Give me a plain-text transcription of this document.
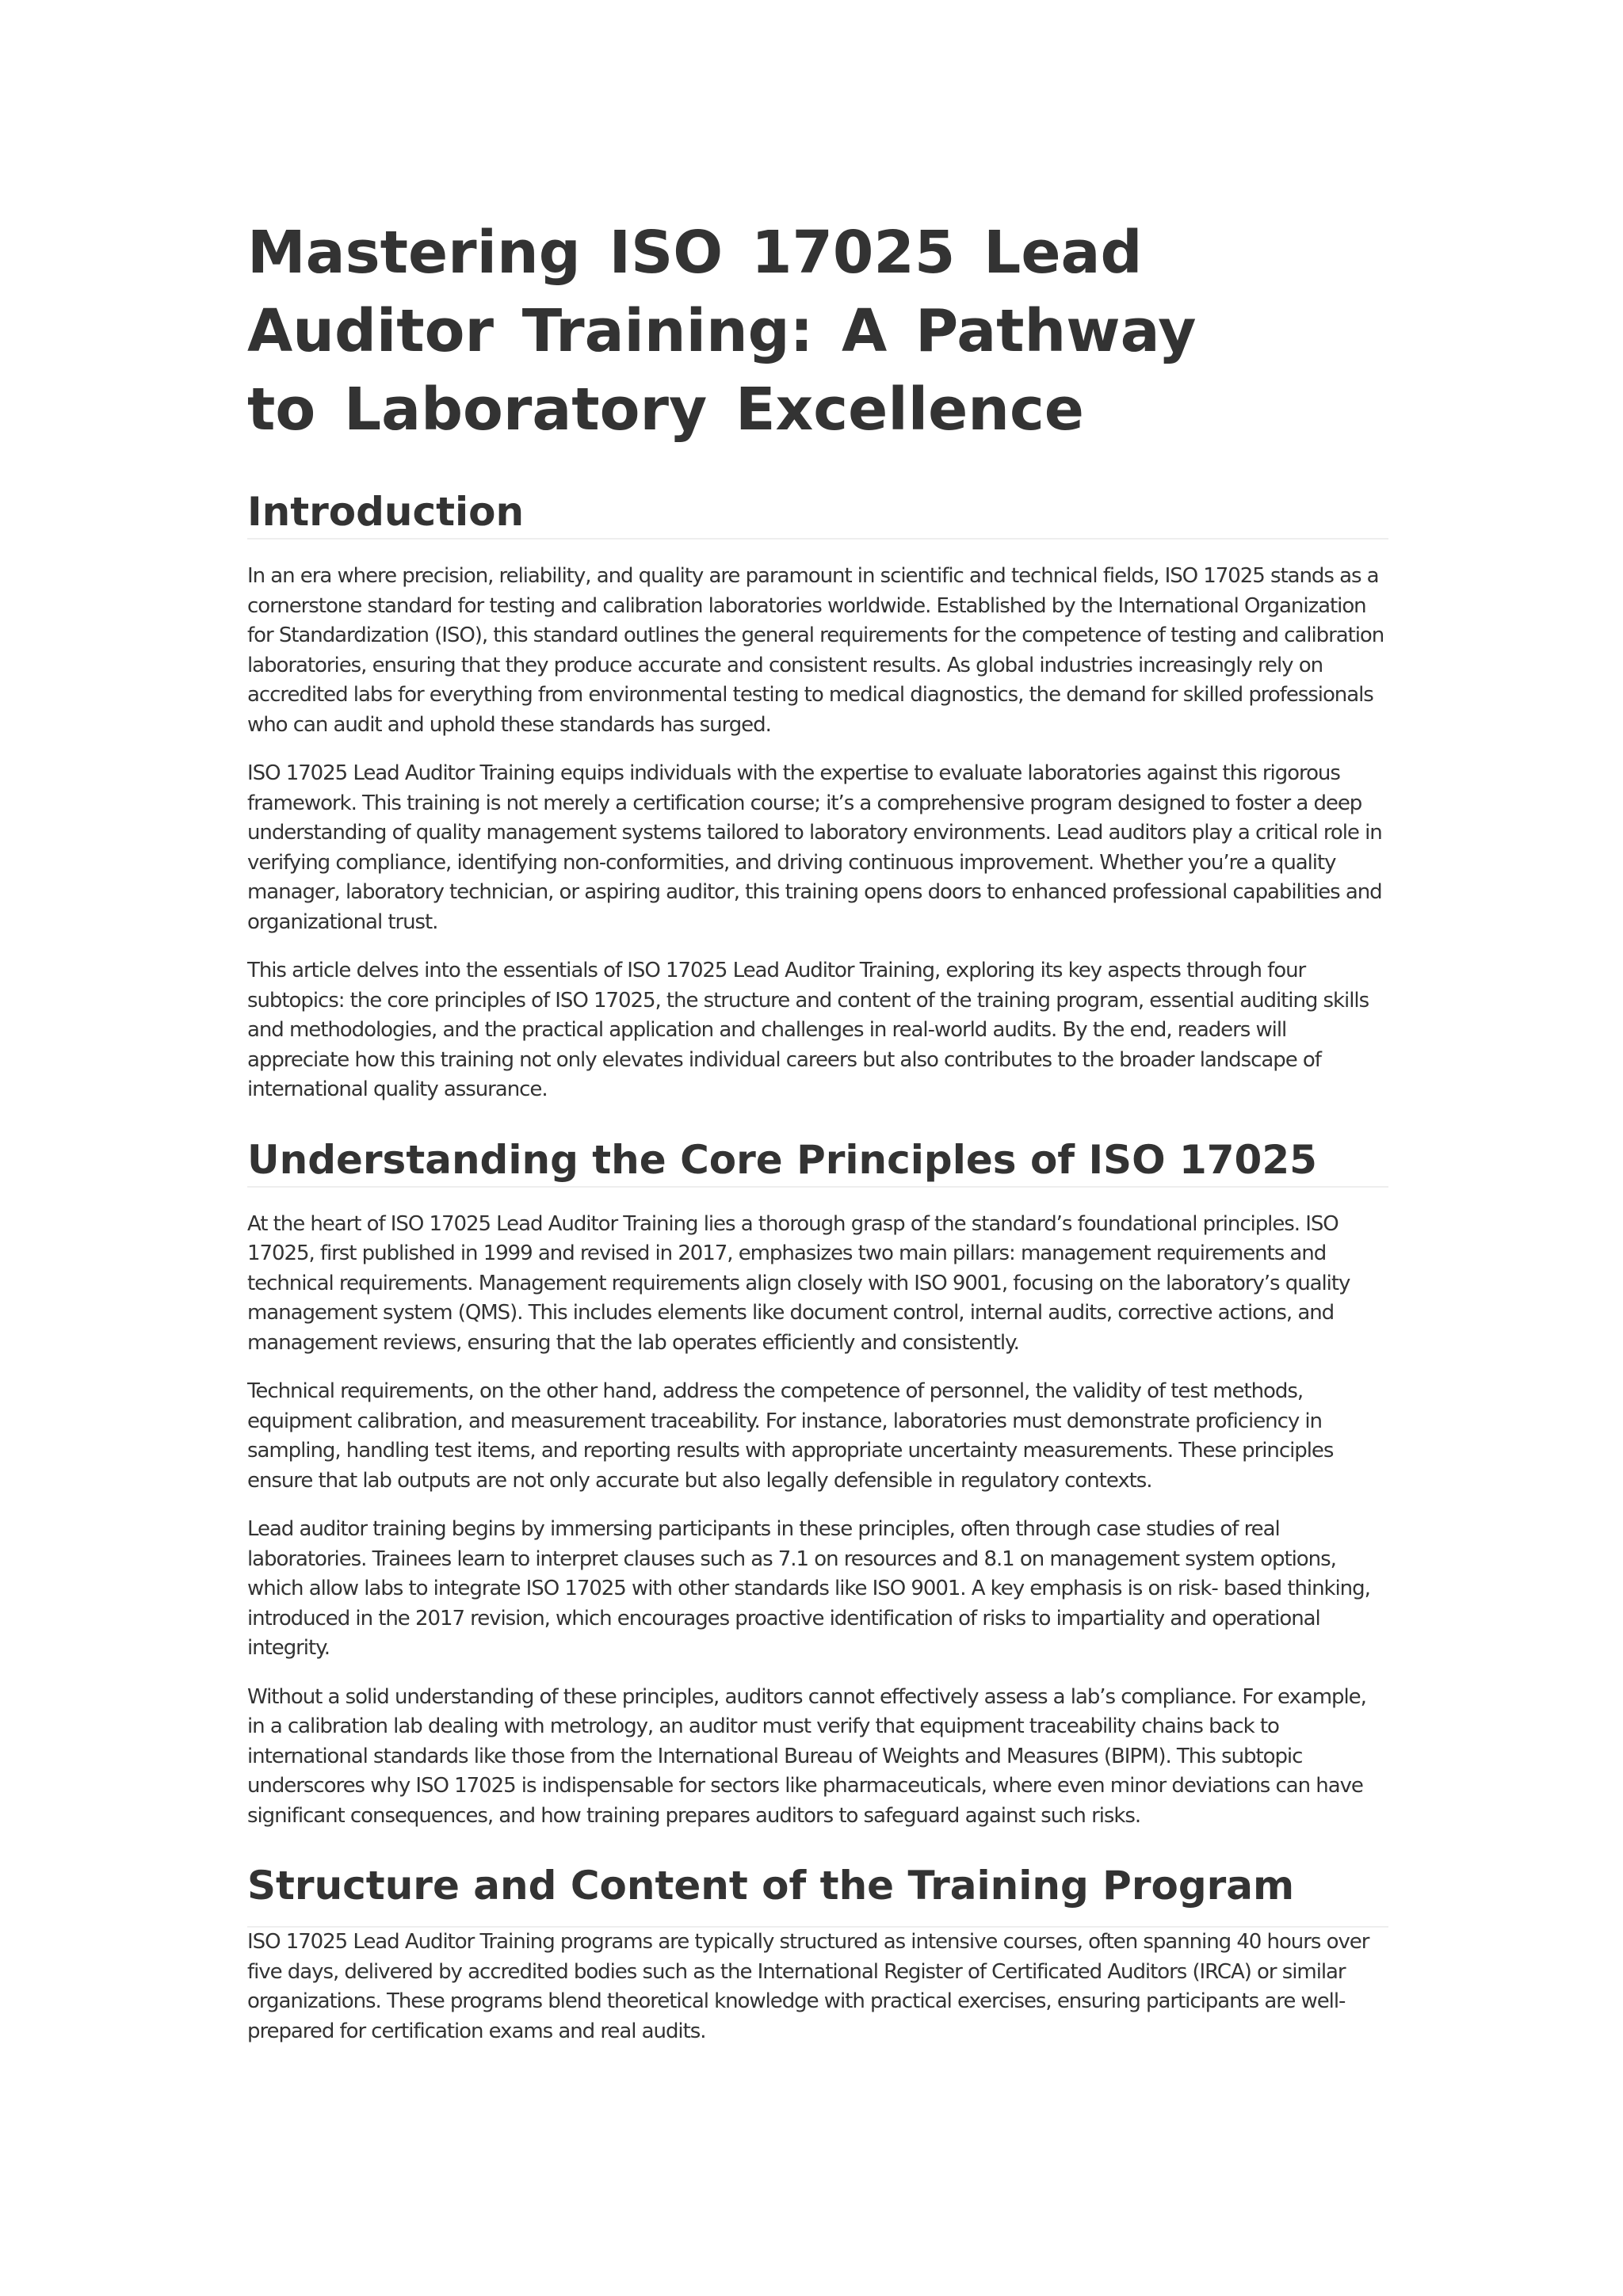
Mastering ISO 17025 Lead Auditor Training: A Pathway to Laboratory Excellence
Introduction

In an era where precision, reliability, and quality are paramount in scientific and technical fields, ISO 17025 stands as a cornerstone standard for testing and calibration laboratories worldwide. Established by the International Organization for Standardization (ISO), this standard outlines the general requirements for the competence of testing and calibration laboratories, ensuring that they produce accurate and consistent results. As global industries increasingly rely on accredited labs for everything from environmental testing to medical diagnostics, the demand for skilled professionals who can audit and uphold these standards has surged.

ISO 17025 Lead Auditor Training equips individuals with the expertise to evaluate laboratories against this rigorous framework. This training is not merely a certification course; it’s a comprehensive program designed to foster a deep understanding of quality management systems tailored to laboratory environments. Lead auditors play a critical role in verifying compliance, identifying non-conformities, and driving continuous improvement. Whether you’re a quality manager, laboratory technician, or aspiring auditor, this training opens doors to enhanced professional capabilities and organizational trust.

This article delves into the essentials of ISO 17025 Lead Auditor Training, exploring its key aspects through four subtopics: the core principles of ISO 17025, the structure and content of the training program, essential auditing skills and methodologies, and the practical application and challenges in real-world audits. By the end, readers will appreciate how this training not only elevates individual careers but also contributes to the broader landscape of international quality assurance.

Understanding the Core Principles of ISO 17025

At the heart of ISO 17025 Lead Auditor Training lies a thorough grasp of the standard’s foundational principles. ISO 17025, first published in 1999 and revised in 2017, emphasizes two main pillars: management requirements and technical requirements. Management requirements align closely with ISO 9001, focusing on the laboratory’s quality management system (QMS). This includes elements like document control, internal audits, corrective actions, and management reviews, ensuring that the lab operates efficiently and consistently.

Technical requirements, on the other hand, address the competence of personnel, the validity of test methods, equipment calibration, and measurement traceability. For instance, laboratories must demonstrate proficiency in sampling, handling test items, and reporting results with appropriate uncertainty measurements. These principles ensure that lab outputs are not only accurate but also legally defensible in regulatory contexts.

Lead auditor training begins by immersing participants in these principles, often through case studies of real laboratories. Trainees learn to interpret clauses such as 7.1 on resources and 8.1 on management system options, which allow labs to integrate ISO 17025 with other standards like ISO 9001. A key emphasis is on risk- based thinking, introduced in the 2017 revision, which encourages proactive identification of risks to impartiality and operational integrity.

Without a solid understanding of these principles, auditors cannot effectively assess a lab’s compliance. For example, in a calibration lab dealing with metrology, an auditor must verify that equipment traceability chains back to international standards like those from the International Bureau of Weights and Measures (BIPM). This subtopic underscores why ISO 17025 is indispensable for sectors like pharmaceuticals, where even minor deviations can have significant consequences, and how training prepares auditors to safeguard against such risks.

Structure and Content of the Training Program

ISO 17025 Lead Auditor Training programs are typically structured as intensive courses, often spanning 40 hours over five days, delivered by accredited bodies such as the International Register of Certificated Auditors (IRCA) or similar organizations. These programs blend theoretical knowledge with practical exercises, ensuring participants are well-prepared for certification exams and real audits.
